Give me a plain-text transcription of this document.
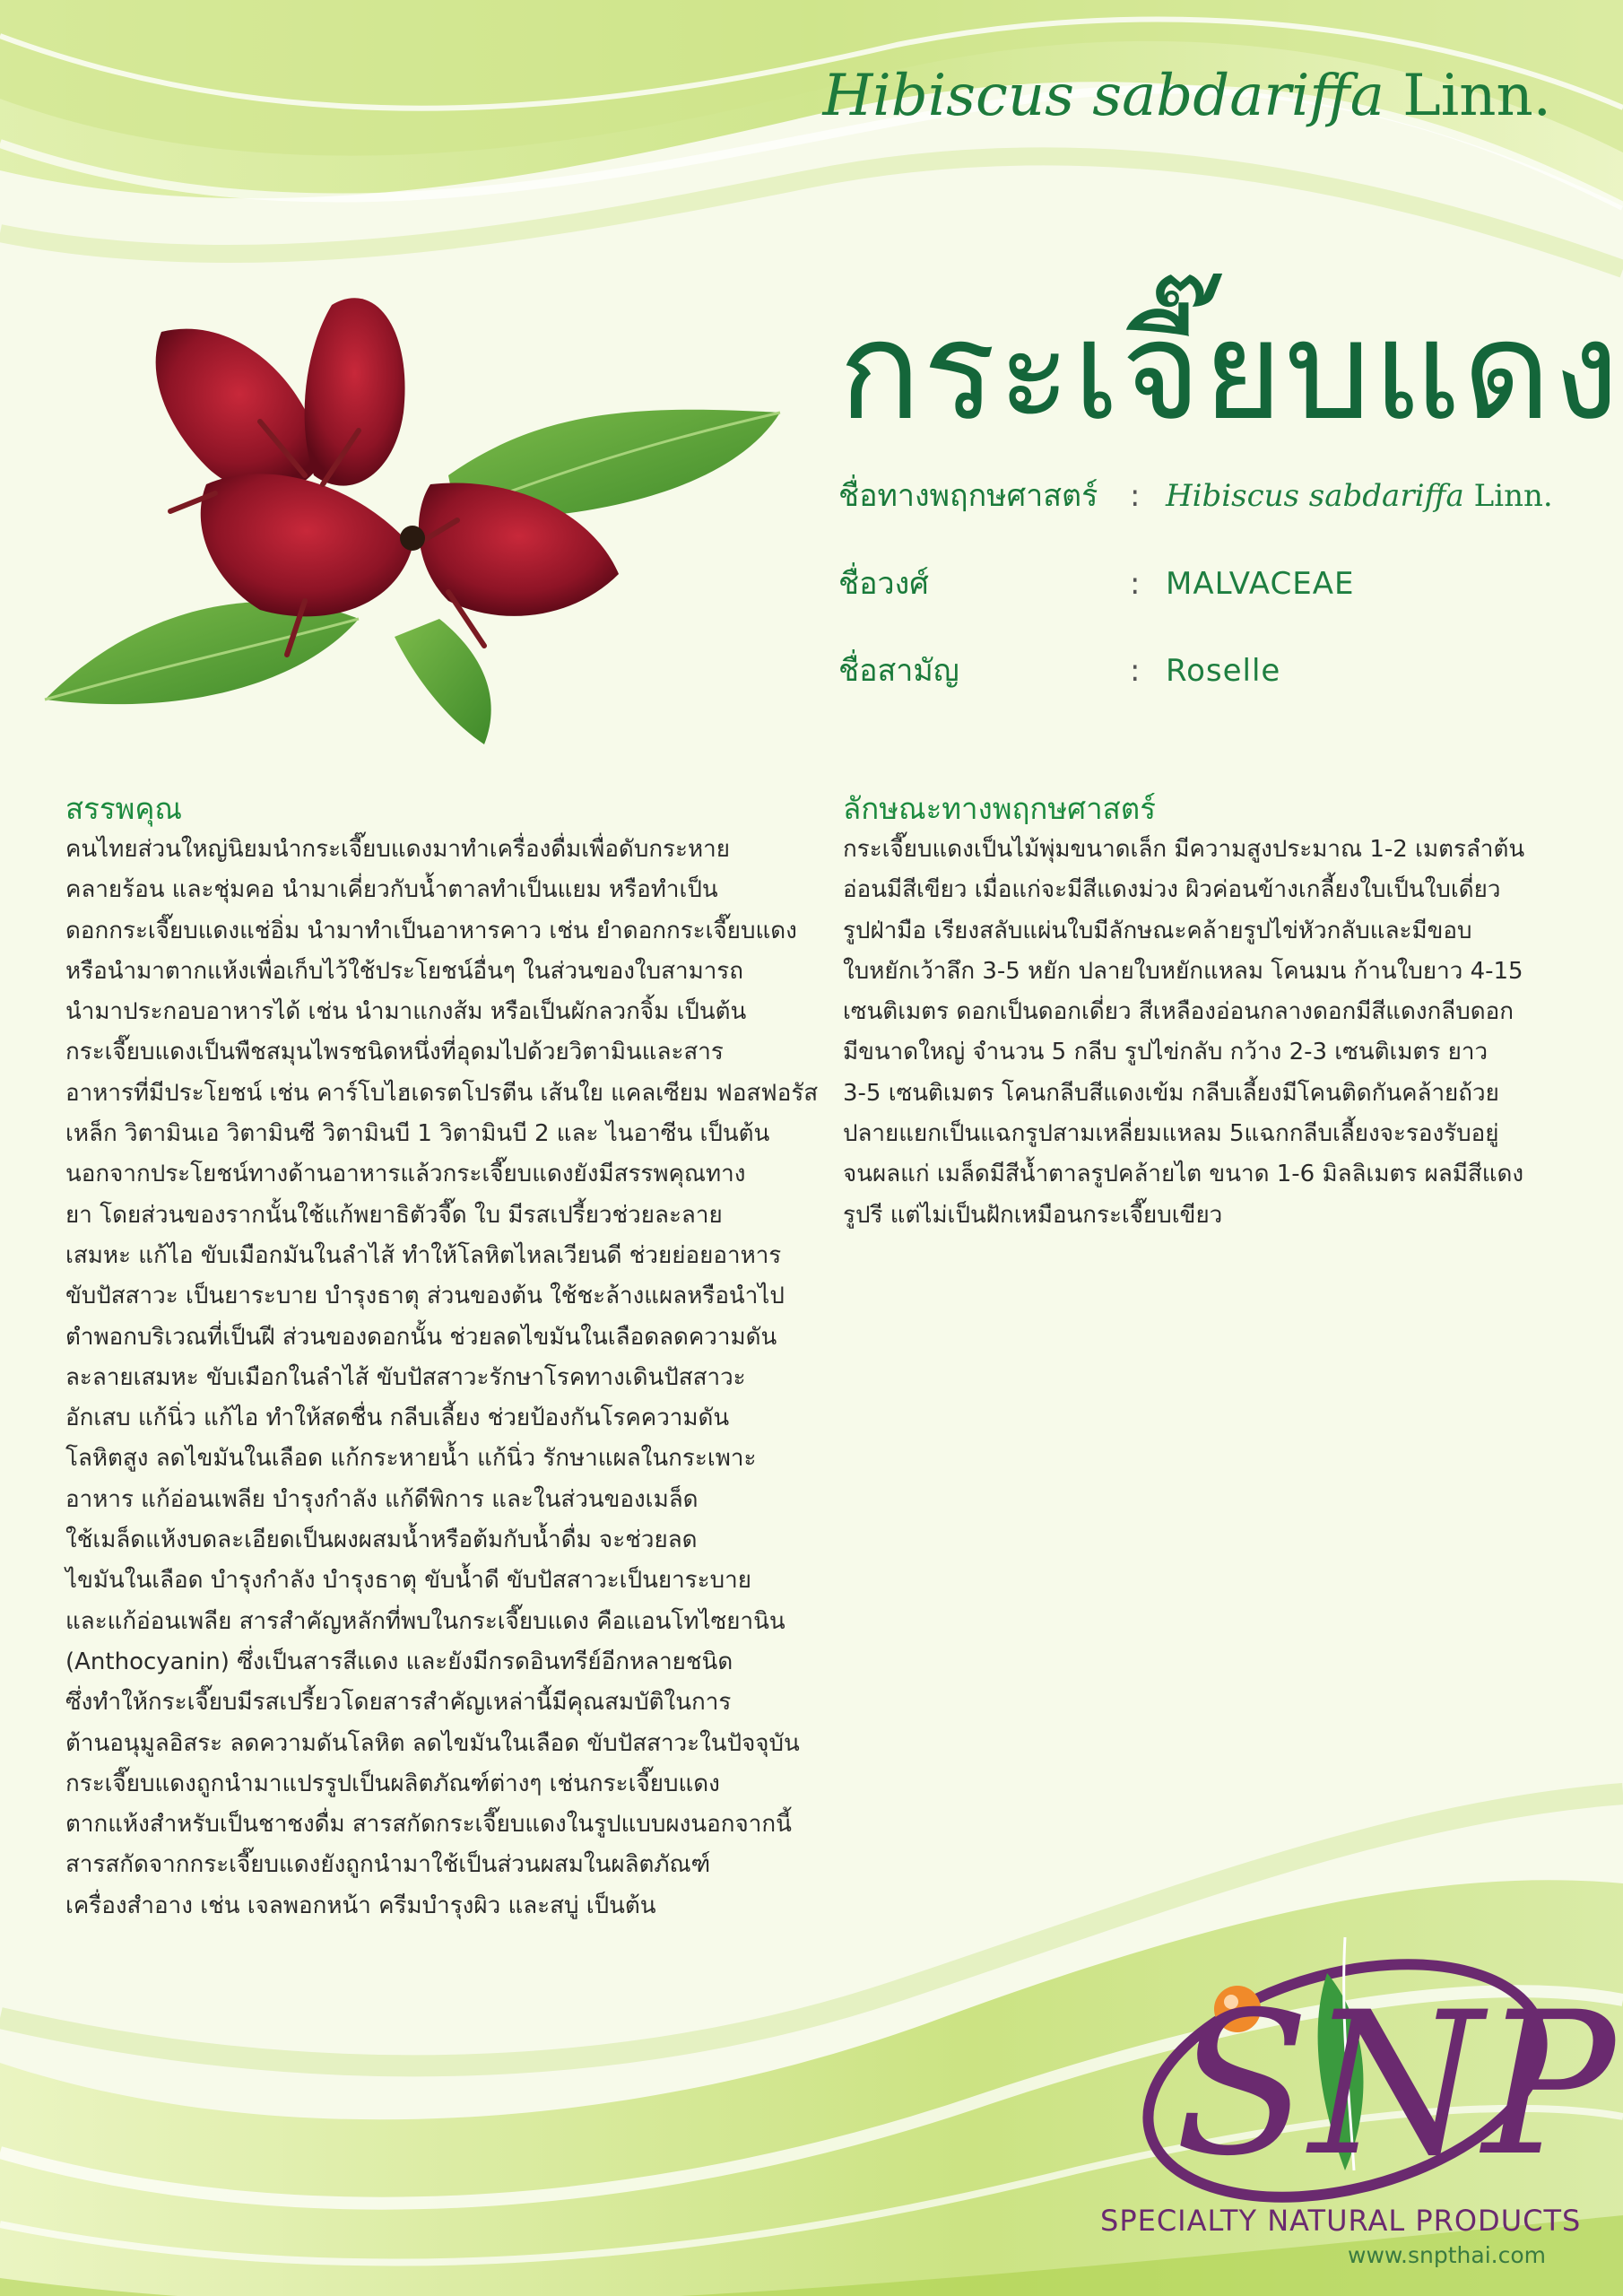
Hibiscus sabdariffa Linn.
กระเจี๊ยบแดง
ชื่อทางพฤกษศาสตร์ : Hibiscus sabdariffa Linn.
ชื่อวงศ์	: MALVACEAE
ชื่อสามัญ	: Roselle
สรรพคุณ
คนไทยส่วนใหญ่นิยมนำกระเจี๊ยบแดงมาทำเครื่องดื่มเพื่อดับกระหาย
คลายร้อน และชุ่มคอ นำมาเคี่ยวกับน้ำตาลทำเป็นแยม หรือทำเป็น
ดอกกระเจี๊ยบแดงแช่อิ่ม นำมาทำเป็นอาหารคาว เช่น ยำดอกกระเจี๊ยบแดง
หรือนำมาตากแห้งเพื่อเก็บไว้ใช้ประโยชน์อื่นๆ ในส่วนของใบสามารถ
นำมาประกอบอาหารได้ เช่น นำมาแกงส้ม หรือเป็นผักลวกจิ้ม เป็นต้น
กระเจี๊ยบแดงเป็นพืชสมุนไพรชนิดหนึ่งที่อุดมไปด้วยวิตามินและสาร
อาหารที่มีประโยชน์ เช่น คาร์โบไฮเดรตโปรตีน เส้นใย แคลเซียม ฟอสฟอรัส
เหล็ก วิตามินเอ วิตามินซี วิตามินบี 1 วิตามินบี 2 และ ไนอาซีน เป็นต้น
นอกจากประโยชน์ทางด้านอาหารแล้วกระเจี๊ยบแดงยังมีสรรพคุณทาง
ยา โดยส่วนของรากนั้นใช้แก้พยาธิตัวจี๊ด ใบ มีรสเปรี้ยวช่วยละลาย
เสมหะ แก้ไอ ขับเมือกมันในลำไส้ ทำให้โลหิตไหลเวียนดี ช่วยย่อยอาหาร
ขับปัสสาวะ เป็นยาระบาย บำรุงธาตุ ส่วนของต้น ใช้ชะล้างแผลหรือนำไป
ตำพอกบริเวณที่เป็นฝี ส่วนของดอกนั้น ช่วยลดไขมันในเลือดลดความดัน
ละลายเสมหะ ขับเมือกในลำไส้ ขับปัสสาวะรักษาโรคทางเดินปัสสาวะ
อักเสบ แก้นิ่ว แก้ไอ ทำให้สดชื่น กลีบเลี้ยง ช่วยป้องกันโรคความดัน
โลหิตสูง ลดไขมันในเลือด แก้กระหายน้ำ แก้นิ่ว รักษาแผลในกระเพาะ
อาหาร แก้อ่อนเพลีย บำรุงกำลัง แก้ดีพิการ และในส่วนของเมล็ด
ใช้เมล็ดแห้งบดละเอียดเป็นผงผสมน้ำหรือต้มกับน้ำดื่ม จะช่วยลด
ไขมันในเลือด บำรุงกำลัง บำรุงธาตุ ขับน้ำดี ขับปัสสาวะเป็นยาระบาย
และแก้อ่อนเพลีย สารสำคัญหลักที่พบในกระเจี๊ยบแดง คือแอนโทไซยานิน
(Anthocyanin) ซึ่งเป็นสารสีแดง และยังมีกรดอินทรีย์อีกหลายชนิด
ซึ่งทำให้กระเจี๊ยบมีรสเปรี้ยวโดยสารสำคัญเหล่านี้มีคุณสมบัติในการ
ต้านอนุมูลอิสระ ลดความดันโลหิต ลดไขมันในเลือด ขับปัสสาวะในปัจจุบัน
กระเจี๊ยบแดงถูกนำมาแปรรูปเป็นผลิตภัณฑ์ต่างๆ เช่นกระเจี๊ยบแดง
ตากแห้งสำหรับเป็นชาชงดื่ม สารสกัดกระเจี๊ยบแดงในรูปแบบผงนอกจากนี้
สารสกัดจากกระเจี๊ยบแดงยังถูกนำมาใช้เป็นส่วนผสมในผลิตภัณฑ์
เครื่องสำอาง เช่น เจลพอกหน้า ครีมบำรุงผิว และสบู่ เป็นต้น
ลักษณะทางพฤกษศาสตร์
กระเจี๊ยบแดงเป็นไม้พุ่มขนาดเล็ก มีความสูงประมาณ 1-2 เมตรลำต้น
อ่อนมีสีเขียว เมื่อแก่จะมีสีแดงม่วง ผิวค่อนข้างเกลี้ยงใบเป็นใบเดี่ยว
รูปฝ่ามือ เรียงสลับแผ่นใบมีลักษณะคล้ายรูปไข่หัวกลับและมีขอบ
ใบหยักเว้าลึก 3-5 หยัก ปลายใบหยักแหลม โคนมน ก้านใบยาว 4-15
เซนติเมตร ดอกเป็นดอกเดี่ยว สีเหลืองอ่อนกลางดอกมีสีแดงกลีบดอก
มีขนาดใหญ่ จำนวน 5 กลีบ รูปไข่กลับ กว้าง 2-3 เซนติเมตร ยาว
3-5 เซนติเมตร โคนกลีบสีแดงเข้ม กลีบเลี้ยงมีโคนติดกันคล้ายถ้วย
ปลายแยกเป็นแฉกรูปสามเหลี่ยมแหลม 5แฉกกลีบเลี้ยงจะรองรับอยู่
จนผลแก่ เมล็ดมีสีน้ำตาลรูปคล้ายไต ขนาด 1-6 มิลลิเมตร ผลมีสีแดง
รูปรี แต่ไม่เป็นฝักเหมือนกระเจี๊ยบเขียว
SNP
SPECIALTY NATURAL PRODUCTS
www.snpthai.com
